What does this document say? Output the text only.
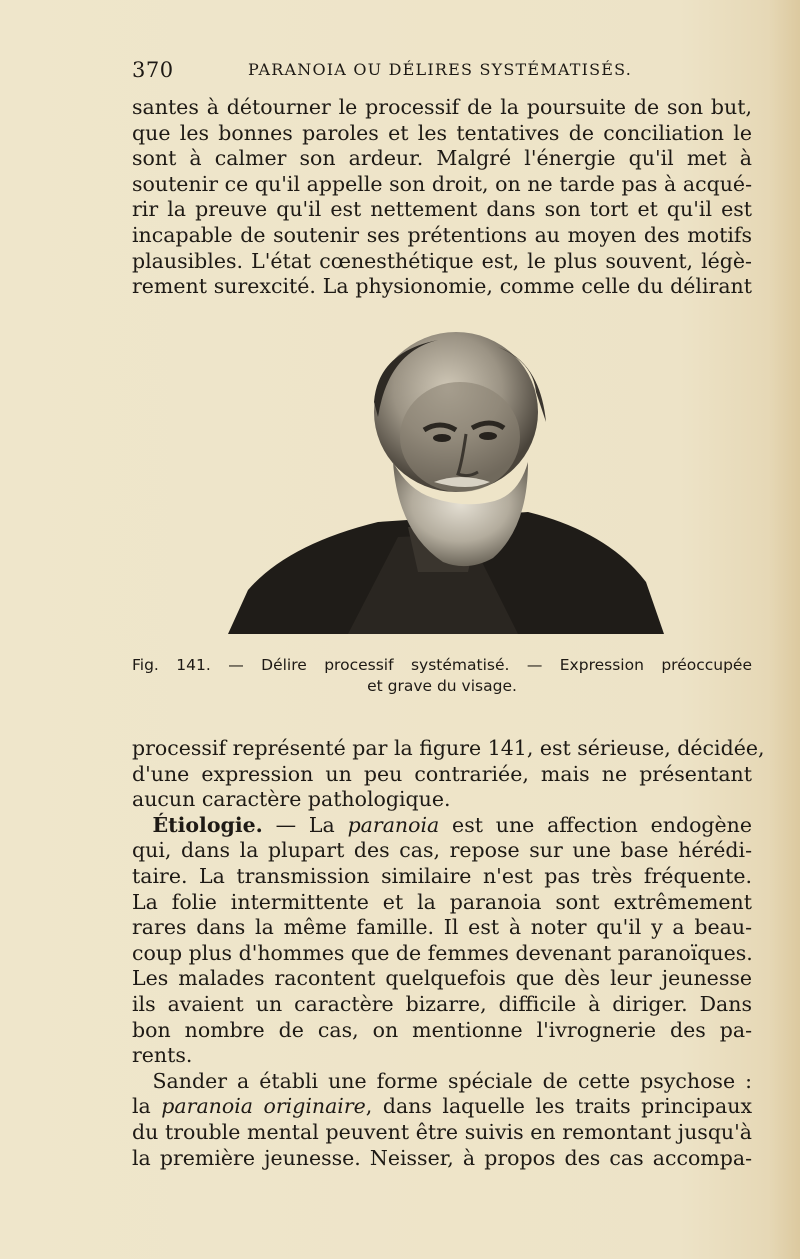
370	PARANOIA OU DÉLIRES SYSTÉMATISÉS.
santes à détourner le processif de la poursuite de son but,
que les bonnes paroles et les tentatives de conciliation le
sont à calmer son ardeur. Malgré l'énergie qu'il met à
soutenir ce qu'il appelle son droit, on ne tarde pas à acqué-
rir la preuve qu'il est nettement dans son tort et qu'il est
incapable de soutenir ses prétentions au moyen des motifs
plausibles. L'état cœnesthétique est, le plus souvent, légè-
rement surexcité. La physionomie, comme celle du délirant
Fig. 141. — Délire processif systématisé. — Expression préoccupée
et grave du visage.
processif représenté par la figure 141, est sérieuse, décidée,
d'une expression un peu contrariée, mais ne présentant
aucun caractère pathologique.
 Étiologie. — La paranoia est une affection endogène
qui, dans la plupart des cas, repose sur une base hérédi-
taire. La transmission similaire n'est pas très fréquente.
La folie intermittente et la paranoia sont extrêmement
rares dans la même famille. Il est à noter qu'il y a beau-
coup plus d'hommes que de femmes devenant paranoïques.
Les malades racontent quelquefois que dès leur jeunesse
ils avaient un caractère bizarre, difficile à diriger. Dans
bon nombre de cas, on mentionne l'ivrognerie des pa-
rents.
 Sander a établi une forme spéciale de cette psychose :
la paranoia originaire, dans laquelle les traits principaux
du trouble mental peuvent être suivis en remontant jusqu'à
la première jeunesse. Neisser, à propos des cas accompa-
